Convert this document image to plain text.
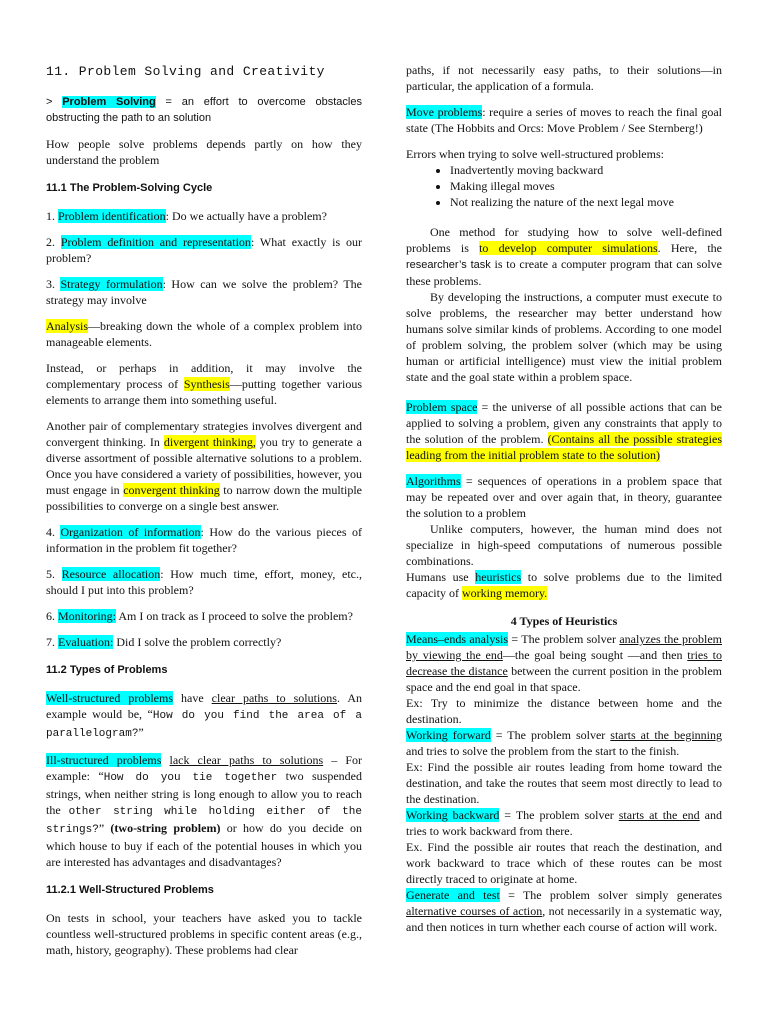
11. Problem Solving and Creativity

> Problem Solving = an effort to overcome obstacles obstructing the path to an solution

How people solve problems depends partly on how they understand the problem

11.1 The Problem-Solving Cycle

1. Problem identification: Do we actually have a problem?

2. Problem definition and representation: What exactly is our problem?

3. Strategy formulation: How can we solve the problem? The strategy may involve

Analysis—breaking down the whole of a complex problem into manageable elements.

Instead, or perhaps in addition, it may involve the complementary process of Synthesis—putting together various elements to arrange them into something useful.

Another pair of complementary strategies involves divergent and convergent thinking. In divergent thinking, you try to generate a diverse assortment of possible alternative solutions to a problem. Once you have considered a variety of possibilities, however, you must engage in convergent thinking to narrow down the multiple possibilities to converge on a single best answer.

4. Organization of information: How do the various pieces of information in the problem fit together?

5. Resource allocation: How much time, effort, money, etc., should I put into this problem?

6. Monitoring: Am I on track as I proceed to solve the problem?

7. Evaluation: Did I solve the problem correctly?

11.2 Types of Problems

Well-structured problems have clear paths to solutions. An example would be, “How do you find the area of a parallelogram?”

Ill-structured problems lack clear paths to solutions – For example: “How do you tie together two suspended strings, when neither string is long enough to allow you to reach the other string while holding either of the strings?” (two-string problem) or how do you decide on which house to buy if each of the potential houses in which you are interested has advantages and disadvantages?

11.2.1 Well-Structured Problems

On tests in school, your teachers have asked you to tackle countless well-structured problems in specific content areas (e.g., math, history, geography). These problems had clear

paths, if not necessarily easy paths, to their solutions—in particular, the application of a formula.

Move problems: require a series of moves to reach the final goal state (The Hobbits and Orcs: Move Problem / See Sternberg!)

Errors when trying to solve well-structured problems:

• Inadvertently moving backward
• Making illegal moves
• Not realizing the nature of the next legal move

One method for studying how to solve well-defined problems is to develop computer simulations. Here, the researcher’s task is to create a computer program that can solve these problems.

By developing the instructions, a computer must execute to solve problems, the researcher may better understand how humans solve similar kinds of problems. According to one model of problem solving, the problem solver (which may be using human or artificial intelligence) must view the initial problem state and the goal state within a problem space.

Problem space = the universe of all possible actions that can be applied to solving a problem, given any constraints that apply to the solution of the problem. (Contains all the possible strategies leading from the initial problem state to the solution)

Algorithms = sequences of operations in a problem space that may be repeated over and over again that, in theory, guarantee the solution to a problem

Unlike computers, however, the human mind does not specialize in high-speed computations of numerous possible combinations.

Humans use heuristics to solve problems due to the limited capacity of working memory.

4 Types of Heuristics

Means–ends analysis = The problem solver analyzes the problem by viewing the end—the goal being sought —and then tries to decrease the distance between the current position in the problem space and the end goal in that space.

Ex: Try to minimize the distance between home and the destination.

Working forward = The problem solver starts at the beginning and tries to solve the problem from the start to the finish.

Ex: Find the possible air routes leading from home toward the destination, and take the routes that seem most directly to lead to the destination.

Working backward = The problem solver starts at the end and tries to work backward from there.

Ex. Find the possible air routes that reach the destination, and work backward to trace which of these routes can be most directly traced to originate at home.

Generate and test = The problem solver simply generates alternative courses of action, not necessarily in a systematic way, and then notices in turn whether each course of action will work.
